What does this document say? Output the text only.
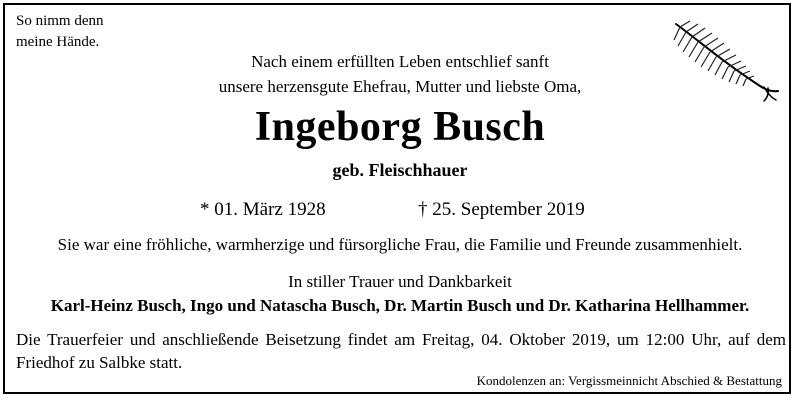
So nimm denn
meine Hände.
Nach einem erfüllten Leben entschlief sanft
unsere herzensgute Ehefrau, Mutter und liebste Oma,
Ingeborg Busch
geb. Fleischhauer
* 01. März 1928	† 25. September 2019
Sie war eine fröhliche, warmherzige und fürsorgliche Frau, die Familie und Freunde zusammenhielt.
In stiller Trauer und Dankbarkeit
Karl-Heinz Busch, Ingo und Natascha Busch, Dr. Martin Busch und Dr. Katharina Hellhammer.
Die Trauerfeier und anschließende Beisetzung findet am Freitag, 04. Oktober 2019, um 12:00 Uhr, auf dem Friedhof zu Salbke statt.
Kondolenzen an: Vergissmeinnicht Abschied & Bestattung
